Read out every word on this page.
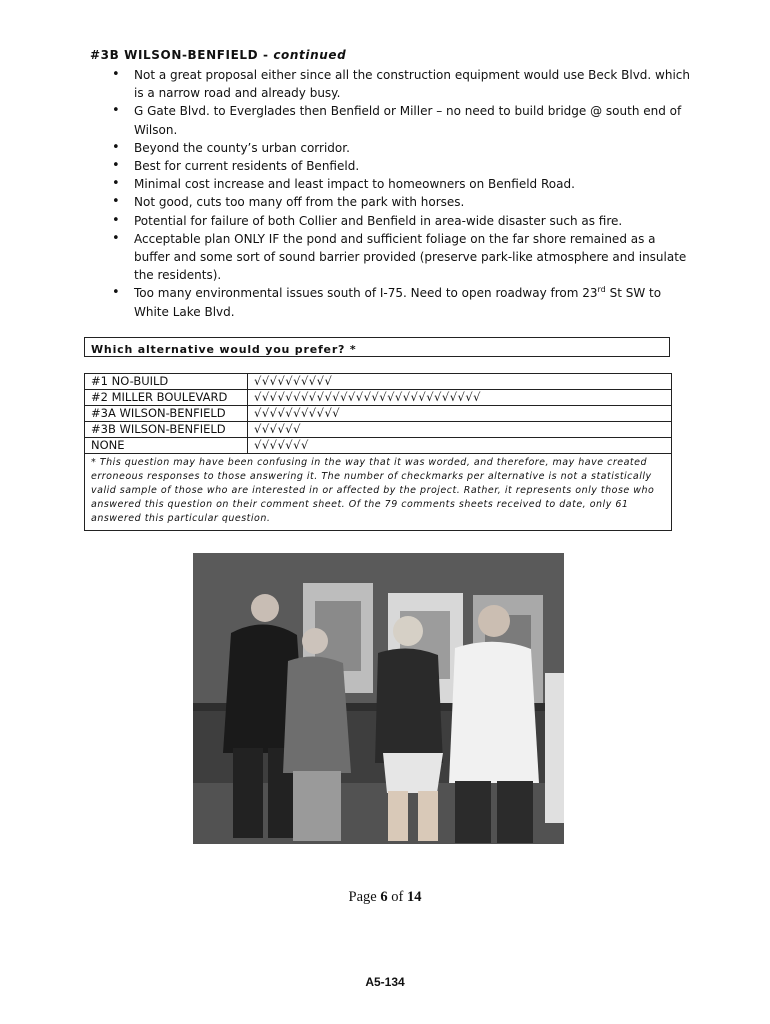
#3B WILSON-BENFIELD - continued
• Not a great proposal either since all the construction equipment would use Beck Blvd. which is a narrow road and already busy.
• G Gate Blvd. to Everglades then Benfield or Miller – no need to build bridge @ south end of Wilson.
• Beyond the county’s urban corridor.
• Best for current residents of Benfield.
• Minimal cost increase and least impact to homeowners on Benfield Road.
• Not good, cuts too many off from the park with horses.
• Potential for failure of both Collier and Benfield in area-wide disaster such as fire.
• Acceptable plan ONLY IF the pond and sufficient foliage on the far shore remained as a buffer and some sort of sound barrier provided (preserve park-like atmosphere and insulate the residents).
• Too many environmental issues south of I-75. Need to open roadway from 23rd St SW to White Lake Blvd.
Which alternative would you prefer? *
#1 NO-BUILD	√√√√√√√√√√
#2 MILLER BOULEVARD	√√√√√√√√√√√√√√√√√√√√√√√√√√√√√
#3A WILSON-BENFIELD	√√√√√√√√√√√
#3B WILSON-BENFIELD	√√√√√√
NONE	√√√√√√√
* This question may have been confusing in the way that it was worded, and therefore, may have created erroneous responses to those answering it. The number of checkmarks per alternative is not a statistically valid sample of those who are interested in or affected by the project. Rather, it represents only those who answered this question on their comment sheet. Of the 79 comments sheets received to date, only 61 answered this particular question.	
Page 6 of 14
A5-134
